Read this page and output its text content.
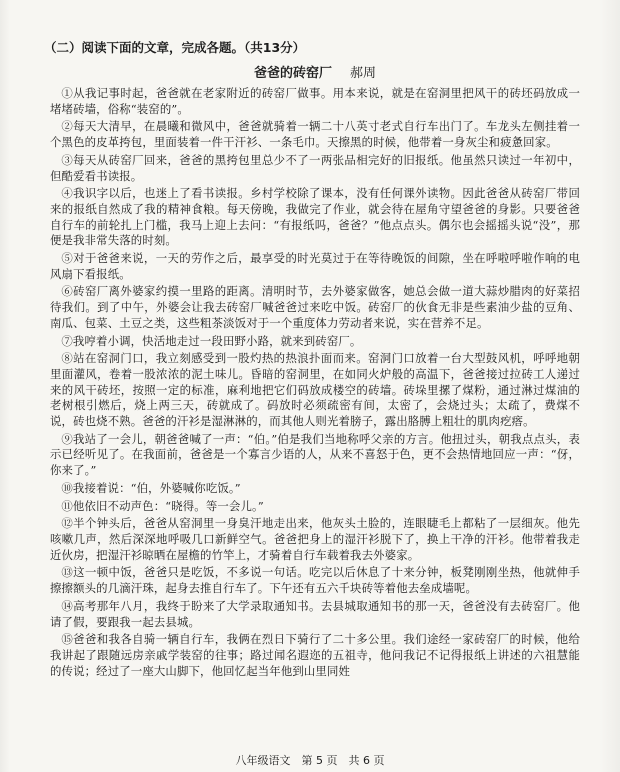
（二）阅读下面的文章，完成各题。（共13分）
爸爸的砖窑厂 郝周

①从我记事时起，爸爸就在老家附近的砖窑厂做事。用本来说，就是在窑洞里把风干的砖坯码放成一堵堵砖墙，俗称“装窑的”。

②每天大清早，在晨曦和微风中，爸爸就骑着一辆二十八英寸老式自行车出门了。车龙头左侧挂着一个黑色的皮革挎包，里面装着一件干汗衫、一条毛巾。天擦黑的时候，他带着一身灰尘和疲惫回家。

③每天从砖窑厂回来，爸爸的黑挎包里总少不了一两张品相完好的旧报纸。他虽然只读过一年初中，但酷爱看书读报。

④我识字以后，也迷上了看书读报。乡村学校除了课本，没有任何课外读物。因此爸爸从砖窑厂带回来的报纸自然成了我的精神食粮。每天傍晚，我做完了作业，就会待在屋角守望爸爸的身影。只要爸爸自行车的前轮扎上门槛，我马上迎上去问：“有报纸吗，爸爸？”他点点头。偶尔也会摇摇头说“没”，那便是我非常失落的时刻。

⑤对于爸爸来说，一天的劳作之后，最享受的时光莫过于在等待晚饭的间隙，坐在呼啦呼啦作响的电风扇下看报纸。

⑥砖窑厂离外婆家约摸一里路的距离。清明时节，去外婆家做客，她总会做一道大蒜炒腊肉的好菜招待我们。到了中午，外婆会让我去砖窑厂喊爸爸过来吃中饭。砖窑厂的伙食无非是些素油少盐的豆角、南瓜、包菜、土豆之类，这些粗茶淡饭对于一个重度体力劳动者来说，实在营养不足。

⑦我哼着小调，快活地走过一段田野小路，就来到砖窑厂。

⑧站在窑洞门口，我立刻感受到一股灼热的热浪扑面而来。窑洞门口放着一台大型鼓风机，呼呼地朝里面灌风，卷着一股浓浓的泥土味儿。昏暗的窑洞里，在如同火炉般的高温下，爸爸接过拉砖工人递过来的风干砖坯，按照一定的标准，麻利地把它们码放成楼空的砖墙。砖垛里摞了煤粉，通过淋过煤油的老树根引燃后，烧上两三天，砖就成了。码放时必须疏密有间，太密了，会烧过头；太疏了，费煤不说，砖也烧不熟。爸爸的汗衫是湿淋淋的，而其他人则光着膀子，露出胳膊上粗壮的肌肉疙瘩。

⑨我站了一会儿，朝爸爸喊了一声：“伯。”伯是我们当地称呼父亲的方言。他扭过头，朝我点点头，表示已经听见了。在我面前，爸爸是一个寡言少语的人，从来不喜怒于色，更不会热情地回应一声：“伢，你来了。”

⑩我接着说：“伯，外婆喊你吃饭。”

⑪他依旧不动声色：“晓得。等一会儿。”

⑫半个钟头后，爸爸从窑洞里一身臭汗地走出来，他灰头土脸的，连眼睫毛上都粘了一层细灰。他先咳嗽几声，然后深深地呼吸几口新鲜空气。爸爸把身上的湿汗衫脱下了，换上干净的汗衫。他带着我走近伙房，把湿汗衫晾晒在屋檐的竹竿上，才骑着自行车载着我去外婆家。

⑬这一顿中饭，爸爸只是吃饭，不多说一句话。吃完以后休息了十来分钟，板凳刚刚坐热，他就伸手擦擦额头的几滴汗珠，起身去推自行车了。下午还有五六千块砖等着他去垒成墙呢。

⑭高考那年八月，我终于盼来了大学录取通知书。去县城取通知书的那一天，爸爸没有去砖窑厂。他请了假，要跟我一起去县城。

⑮爸爸和我各自骑一辆自行车，我俩在烈日下骑行了二十多公里。我们途经一家砖窑厂的时候，他给我讲起了跟随远房亲戚学装窑的往事；路过闻名遐迩的五祖寺，他问我记不记得报纸上讲述的六祖慧能的传说；经过了一座大山脚下，他回忆起当年他到山里同姓

八年级语文　第 5 页　共 6 页
